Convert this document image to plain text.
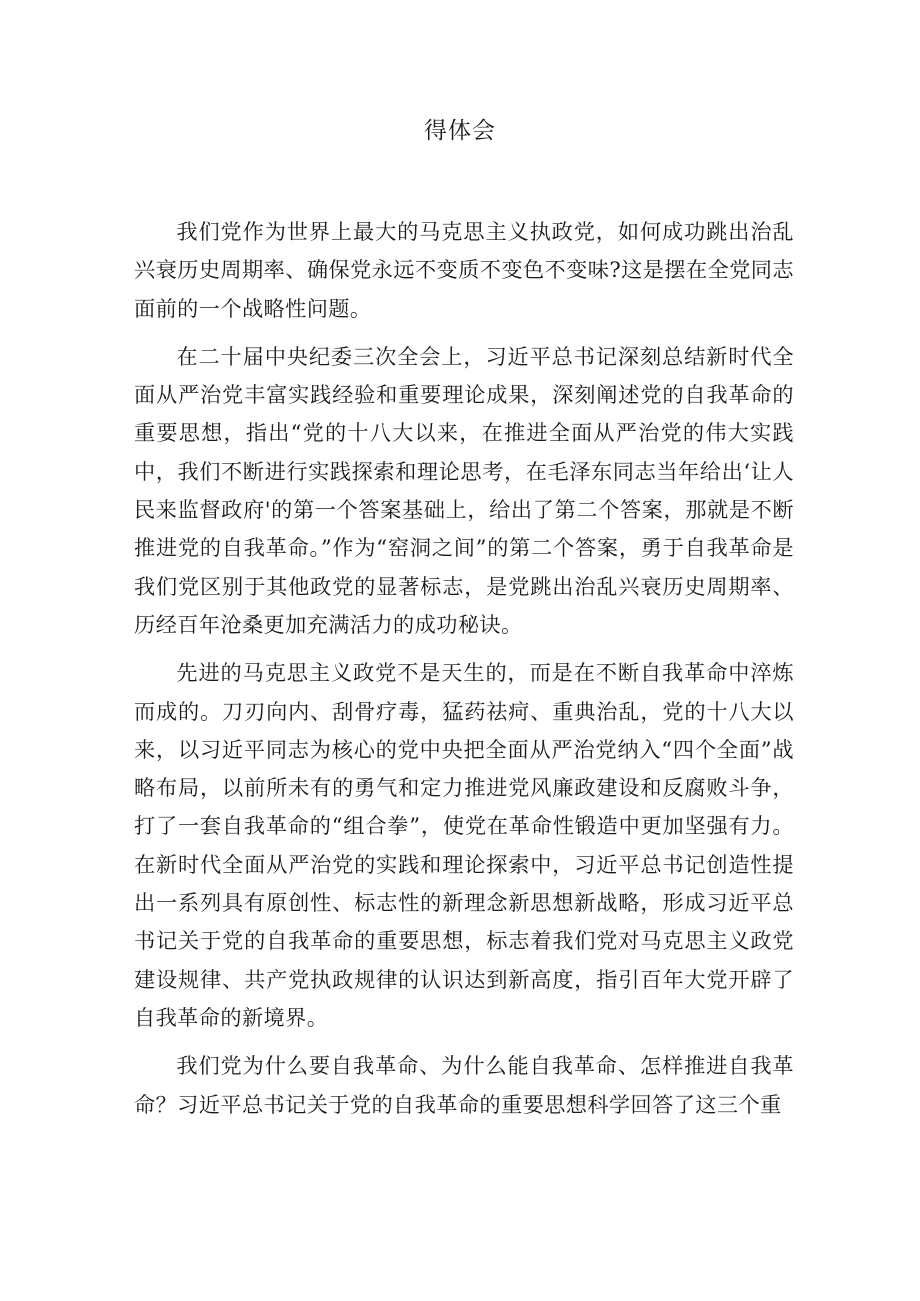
得体会

我们党作为世界上最大的马克思主义执政党，如何成功跳出治乱兴衰历史周期率、确保党永远不变质不变色不变味?这是摆在全党同志面前的一个战略性问题。

在二十届中央纪委三次全会上，习近平总书记深刻总结新时代全面从严治党丰富实践经验和重要理论成果，深刻阐述党的自我革命的重要思想，指出“党的十八大以来，在推进全面从严治党的伟大实践中，我们不断进行实践探索和理论思考，在毛泽东同志当年给出‘让人民来监督政府'的第一个答案基础上，给出了第二个答案，那就是不断推进党的自我革命。”作为“窑洞之间”的第二个答案，勇于自我革命是我们党区别于其他政党的显著标志，是党跳出治乱兴衰历史周期率、历经百年沧桑更加充满活力的成功秘诀。

先进的马克思主义政党不是天生的，而是在不断自我革命中淬炼而成的。刀刃向内、刮骨疗毒，猛药祛疴、重典治乱，党的十八大以来，以习近平同志为核心的党中央把全面从严治党纳入“四个全面”战略布局，以前所未有的勇气和定力推进党风廉政建设和反腐败斗争，打了一套自我革命的“组合拳”，使党在革命性锻造中更加坚强有力。在新时代全面从严治党的实践和理论探索中，习近平总书记创造性提出一系列具有原创性、标志性的新理念新思想新战略，形成习近平总书记关于党的自我革命的重要思想，标志着我们党对马克思主义政党建设规律、共产党执政规律的认识达到新高度，指引百年大党开辟了自我革命的新境界。

我们党为什么要自我革命、为什么能自我革命、怎样推进自我革命？习近平总书记关于党的自我革命的重要思想科学回答了这三个重
